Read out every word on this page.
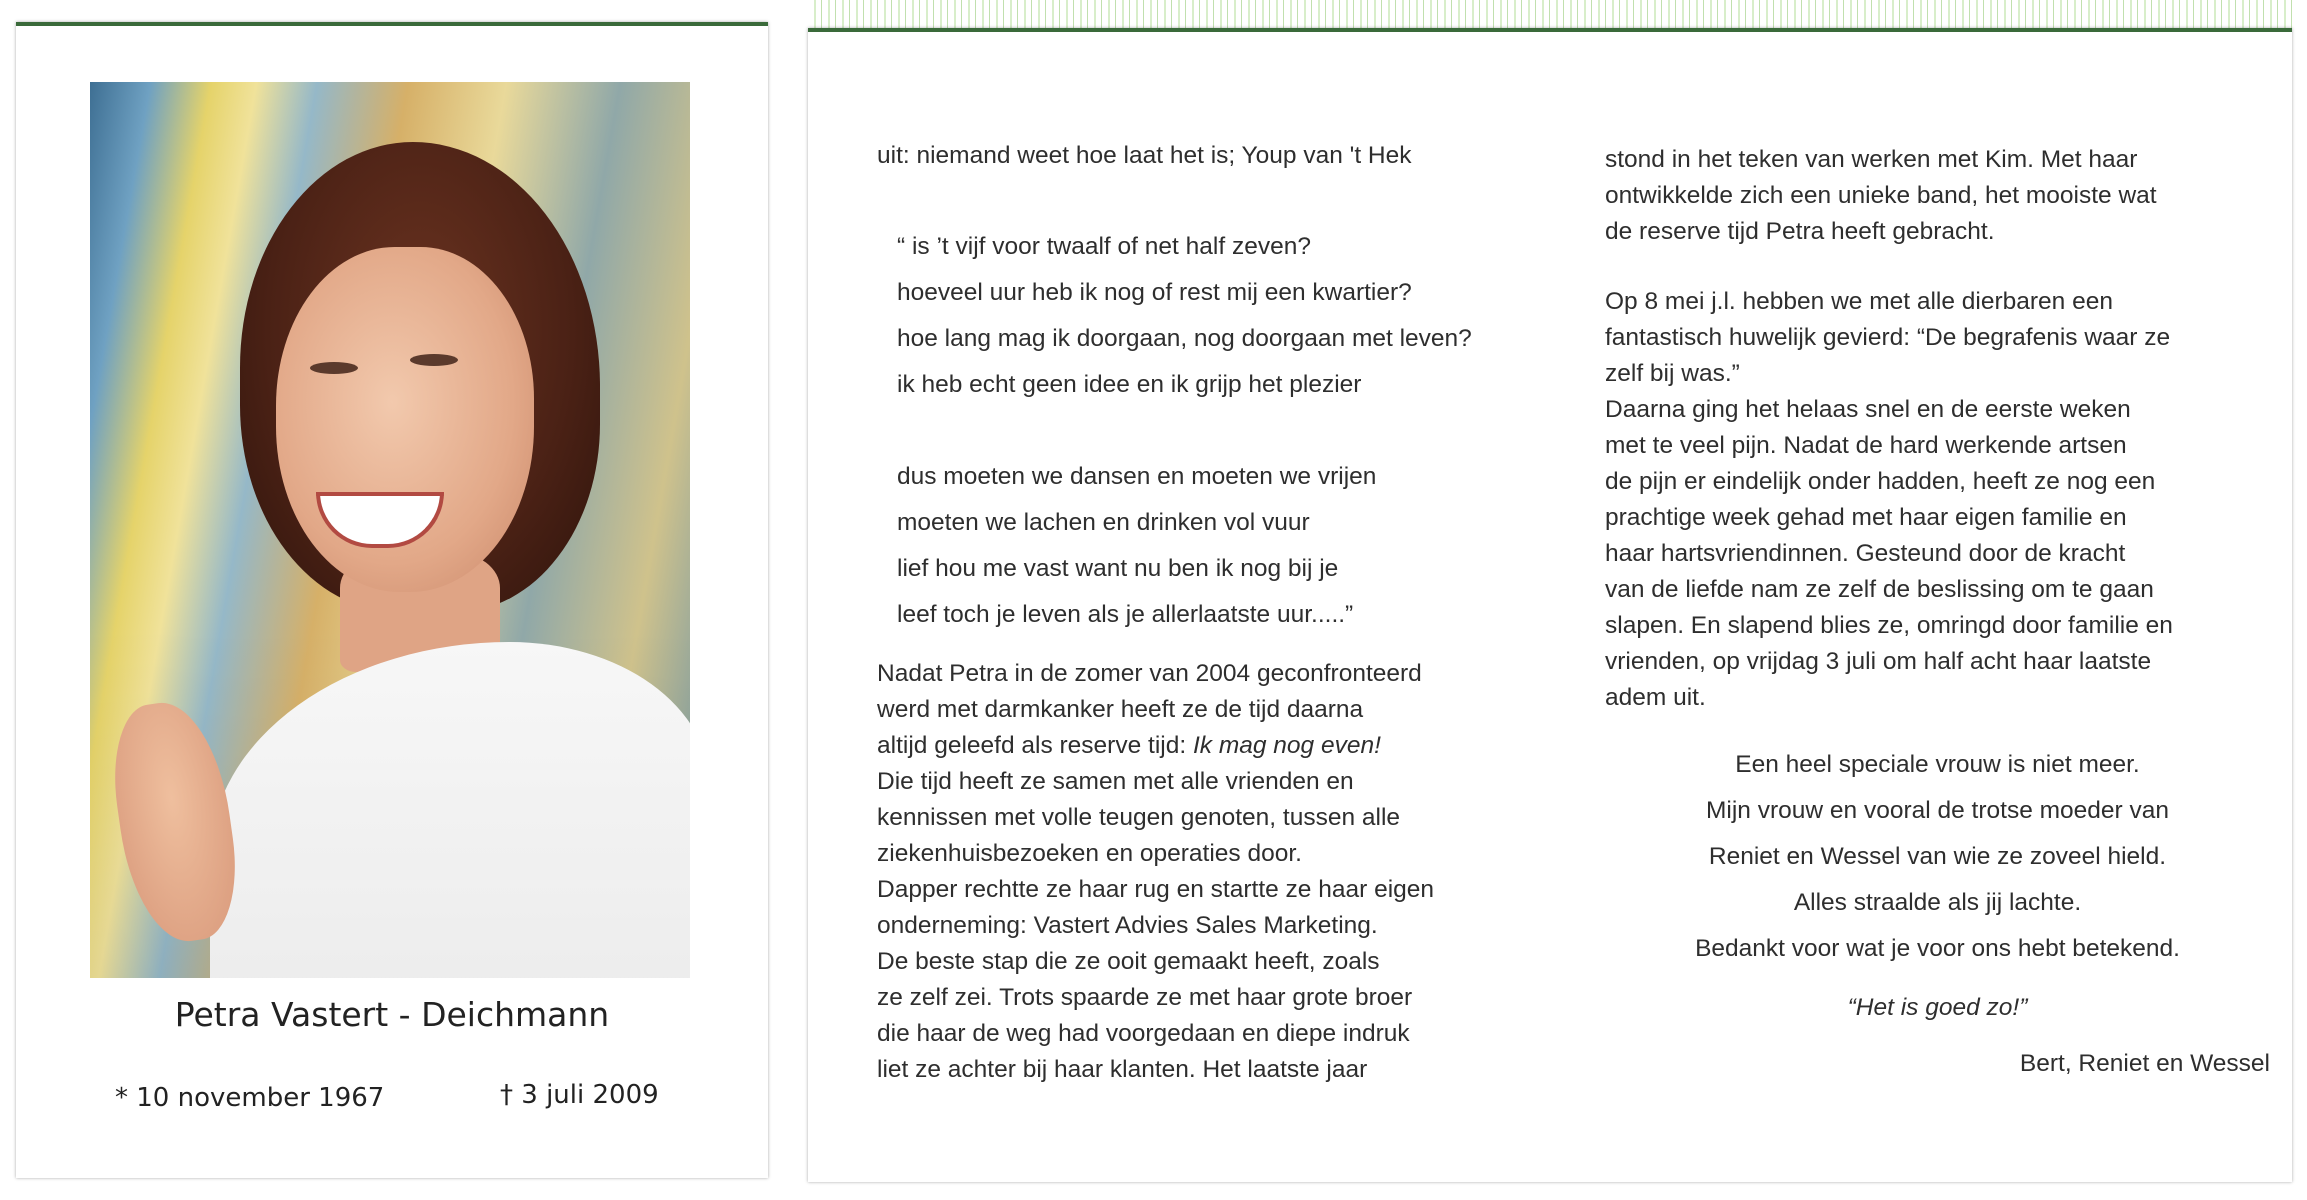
Petra Vastert - Deichmann
* 10 november 1967	† 3 juli 2009
uit: niemand weet hoe laat het is; Youp van 't Hek
“ is ’t vijf voor twaalf of net half zeven?
hoeveel uur heb ik nog of rest mij een kwartier?
hoe lang mag ik doorgaan, nog doorgaan met leven?
ik heb echt geen idee en ik grijp het plezier
dus moeten we dansen en moeten we vrijen
moeten we lachen en drinken vol vuur
lief hou me vast want nu ben ik nog bij je
leef toch je leven als je allerlaatste uur.....”
Nadat Petra in de zomer van 2004 geconfronteerd
werd met darmkanker heeft ze de tijd daarna
altijd geleefd als reserve tijd: Ik mag nog even!
Die tijd heeft ze samen met alle vrienden en
kennissen met volle teugen genoten, tussen alle
ziekenhuisbezoeken en operaties door.
Dapper rechtte ze haar rug en startte ze haar eigen
onderneming: Vastert Advies Sales Marketing.
De beste stap die ze ooit gemaakt heeft, zoals
ze zelf zei. Trots spaarde ze met haar grote broer
die haar de weg had voorgedaan en diepe indruk
liet ze achter bij haar klanten. Het laatste jaar
stond in het teken van werken met Kim. Met haar
ontwikkelde zich een unieke band, het mooiste wat
de reserve tijd Petra heeft gebracht.
Op 8 mei j.l. hebben we met alle dierbaren een
fantastisch huwelijk gevierd: “De begrafenis waar ze
zelf bij was.”
Daarna ging het helaas snel en de eerste weken
met te veel pijn. Nadat de hard werkende artsen
de pijn er eindelijk onder hadden, heeft ze nog een
prachtige week gehad met haar eigen familie en
haar hartsvriendinnen. Gesteund door de kracht
van de liefde nam ze zelf de beslissing om te gaan
slapen. En slapend blies ze, omringd door familie en
vrienden, op vrijdag 3 juli om half acht haar laatste
adem uit.
Een heel speciale vrouw is niet meer.
Mijn vrouw en vooral de trotse moeder van
Reniet en Wessel van wie ze zoveel hield.
Alles straalde als jij lachte.
Bedankt voor wat je voor ons hebt betekend.
“Het is goed zo!”
Bert, Reniet en Wessel
